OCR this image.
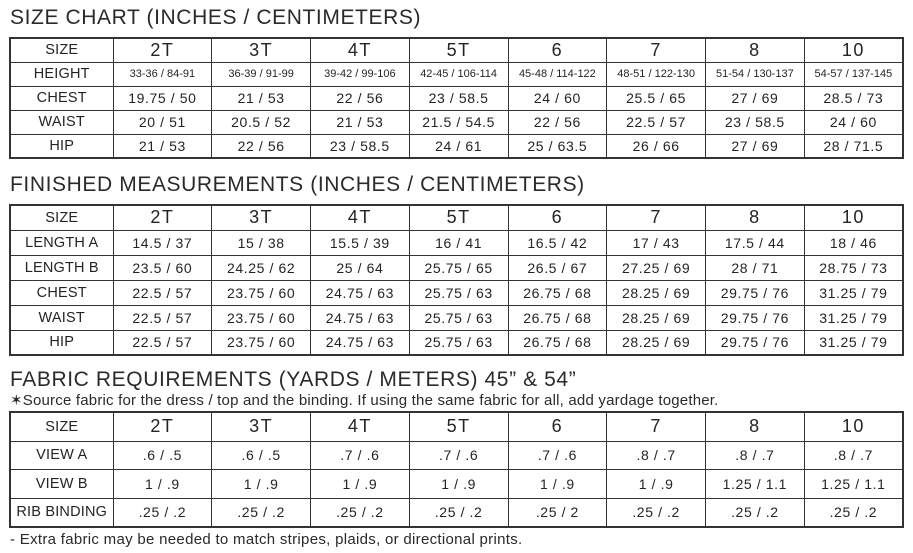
SIZE CHART (INCHES / CENTIMETERS)
SIZE	2T	3T	4T	5T	6	7	8	10
HEIGHT	33-36 / 84-91	36-39 / 91-99	39-42 / 99-106	42-45 / 106-114	45-48 / 114-122	48-51 / 122-130	51-54 / 130-137	54-57 / 137-145
CHEST	19.75 / 50	21 / 53	22 / 56	23 / 58.5	24 / 60	25.5 / 65	27 / 69	28.5 / 73
WAIST	20 / 51	20.5 / 52	21 / 53	21.5 / 54.5	22 / 56	22.5 / 57	23 / 58.5	24 / 60
HIP	21 / 53	22 / 56	23 / 58.5	24 / 61	25 / 63.5	26 / 66	27 / 69	28 / 71.5
FINISHED MEASUREMENTS (INCHES / CENTIMETERS)
SIZE	2T	3T	4T	5T	6	7	8	10
LENGTH A	14.5 / 37	15 / 38	15.5 / 39	16 / 41	16.5 / 42	17 / 43	17.5 / 44	18 / 46
LENGTH B	23.5 / 60	24.25 / 62	25 / 64	25.75 / 65	26.5 / 67	27.25 / 69	28 / 71	28.75 / 73
CHEST	22.5 / 57	23.75 / 60	24.75 / 63	25.75 / 63	26.75 / 68	28.25 / 69	29.75 / 76	31.25 / 79
WAIST	22.5 / 57	23.75 / 60	24.75 / 63	25.75 / 63	26.75 / 68	28.25 / 69	29.75 / 76	31.25 / 79
HIP	22.5 / 57	23.75 / 60	24.75 / 63	25.75 / 63	26.75 / 68	28.25 / 69	29.75 / 76	31.25 / 79
FABRIC REQUIREMENTS (YARDS / METERS) 45” & 54”

✶Source fabric for the dress / top and the binding. If using the same fabric for all, add yardage together.

SIZE	2T	3T	4T	5T	6	7	8	10
VIEW A	.6 / .5	.6 / .5	.7 / .6	.7 / .6	.7 / .6	.8 / .7	.8 / .7	.8 / .7
VIEW B	1 / .9	1 / .9	1 / .9	1 / .9	1 / .9	1 / .9	1.25 / 1.1	1.25 / 1.1
RIB BINDING	.25 / .2	.25 / .2	.25 / .2	.25 / .2	.25 / 2	.25 / .2	.25 / .2	.25 / .2

- Extra fabric may be needed to match stripes, plaids, or directional prints.
